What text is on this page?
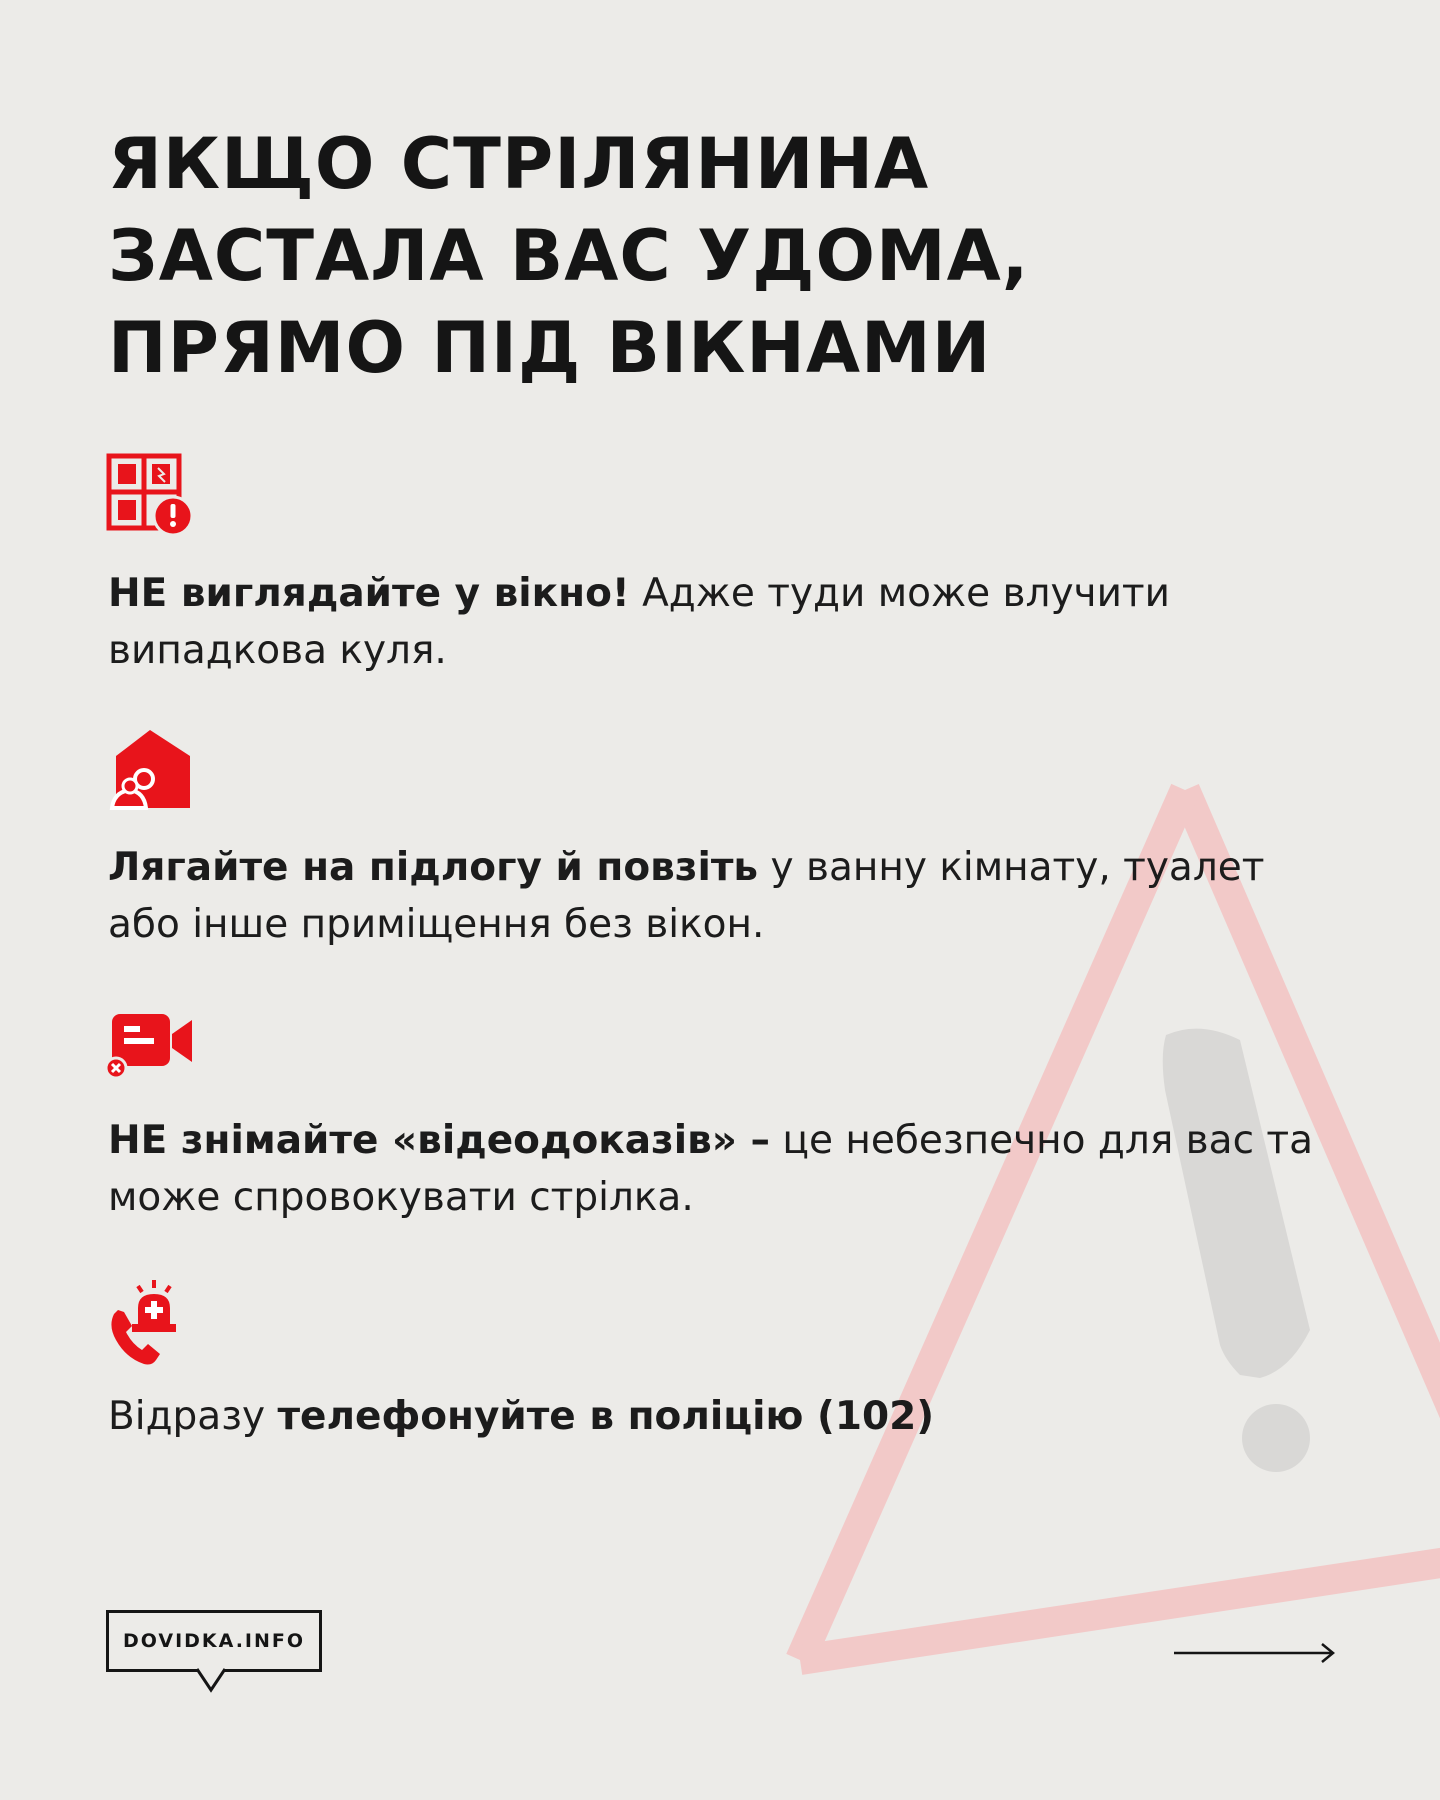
ЯКЩО СТРІЛЯНИНА
ЗАСТАЛА ВАС УДОМА,
ПРЯМО ПІД ВІКНАМИ

НЕ виглядайте у вікно! Адже туди може влучити випадкова куля.

Лягайте на підлогу й повзіть у ванну кімнату, туалет або інше приміщення без вікон.

НЕ знімайте «відеодоказів» – це небезпечно для вас та може спровокувати стрілка.

Відразу телефонуйте в поліцію (102)

DOVIDKA.INFO
